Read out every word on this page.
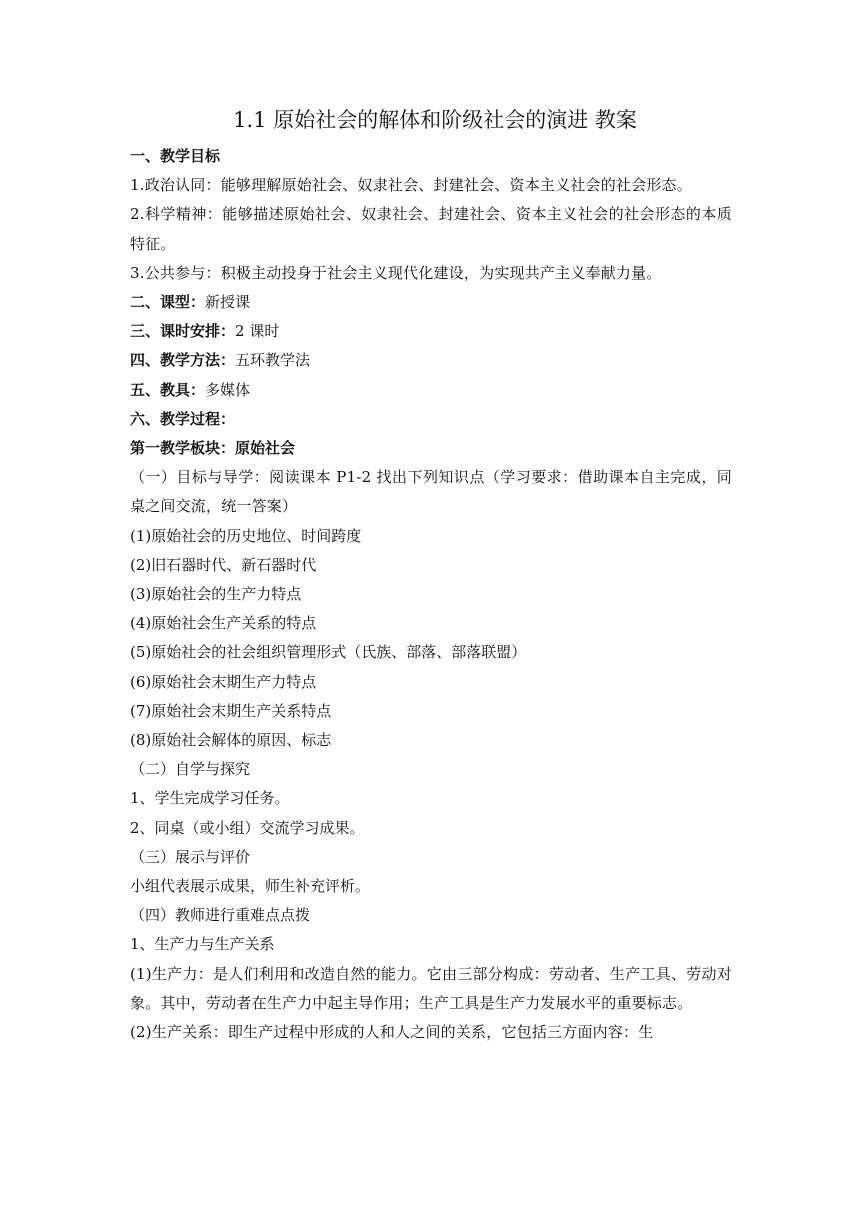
1.1 原始社会的解体和阶级社会的演进 教案
一、教学目标
1.政治认同：能够理解原始社会、奴隶社会、封建社会、资本主义社会的社会形态。
2.科学精神：能够描述原始社会、奴隶社会、封建社会、资本主义社会的社会形态的本质特征。
3.公共参与：积极主动投身于社会主义现代化建设，为实现共产主义奉献力量。
二、课型：新授课
三、课时安排：2 课时
四、教学方法：五环教学法
五、教具：多媒体
六、教学过程：
第一教学板块：原始社会
（一）目标与导学：阅读课本 P1-2 找出下列知识点（学习要求：借助课本自主完成，同桌之间交流，统一答案）
(1)原始社会的历史地位、时间跨度
(2)旧石器时代、新石器时代
(3)原始社会的生产力特点
(4)原始社会生产关系的特点
(5)原始社会的社会组织管理形式（氏族、部落、部落联盟）
(6)原始社会末期生产力特点
(7)原始社会末期生产关系特点
(8)原始社会解体的原因、标志
（二）自学与探究
1、学生完成学习任务。
2、同桌（或小组）交流学习成果。
（三）展示与评价
小组代表展示成果，师生补充评析。
（四）教师进行重难点点拨
1、生产力与生产关系
(1)生产力：是人们利用和改造自然的能力。它由三部分构成：劳动者、生产工具、劳动对象。其中，劳动者在生产力中起主导作用；生产工具是生产力发展水平的重要标志。
(2)生产关系：即生产过程中形成的人和人之间的关系，它包括三方面内容：生
